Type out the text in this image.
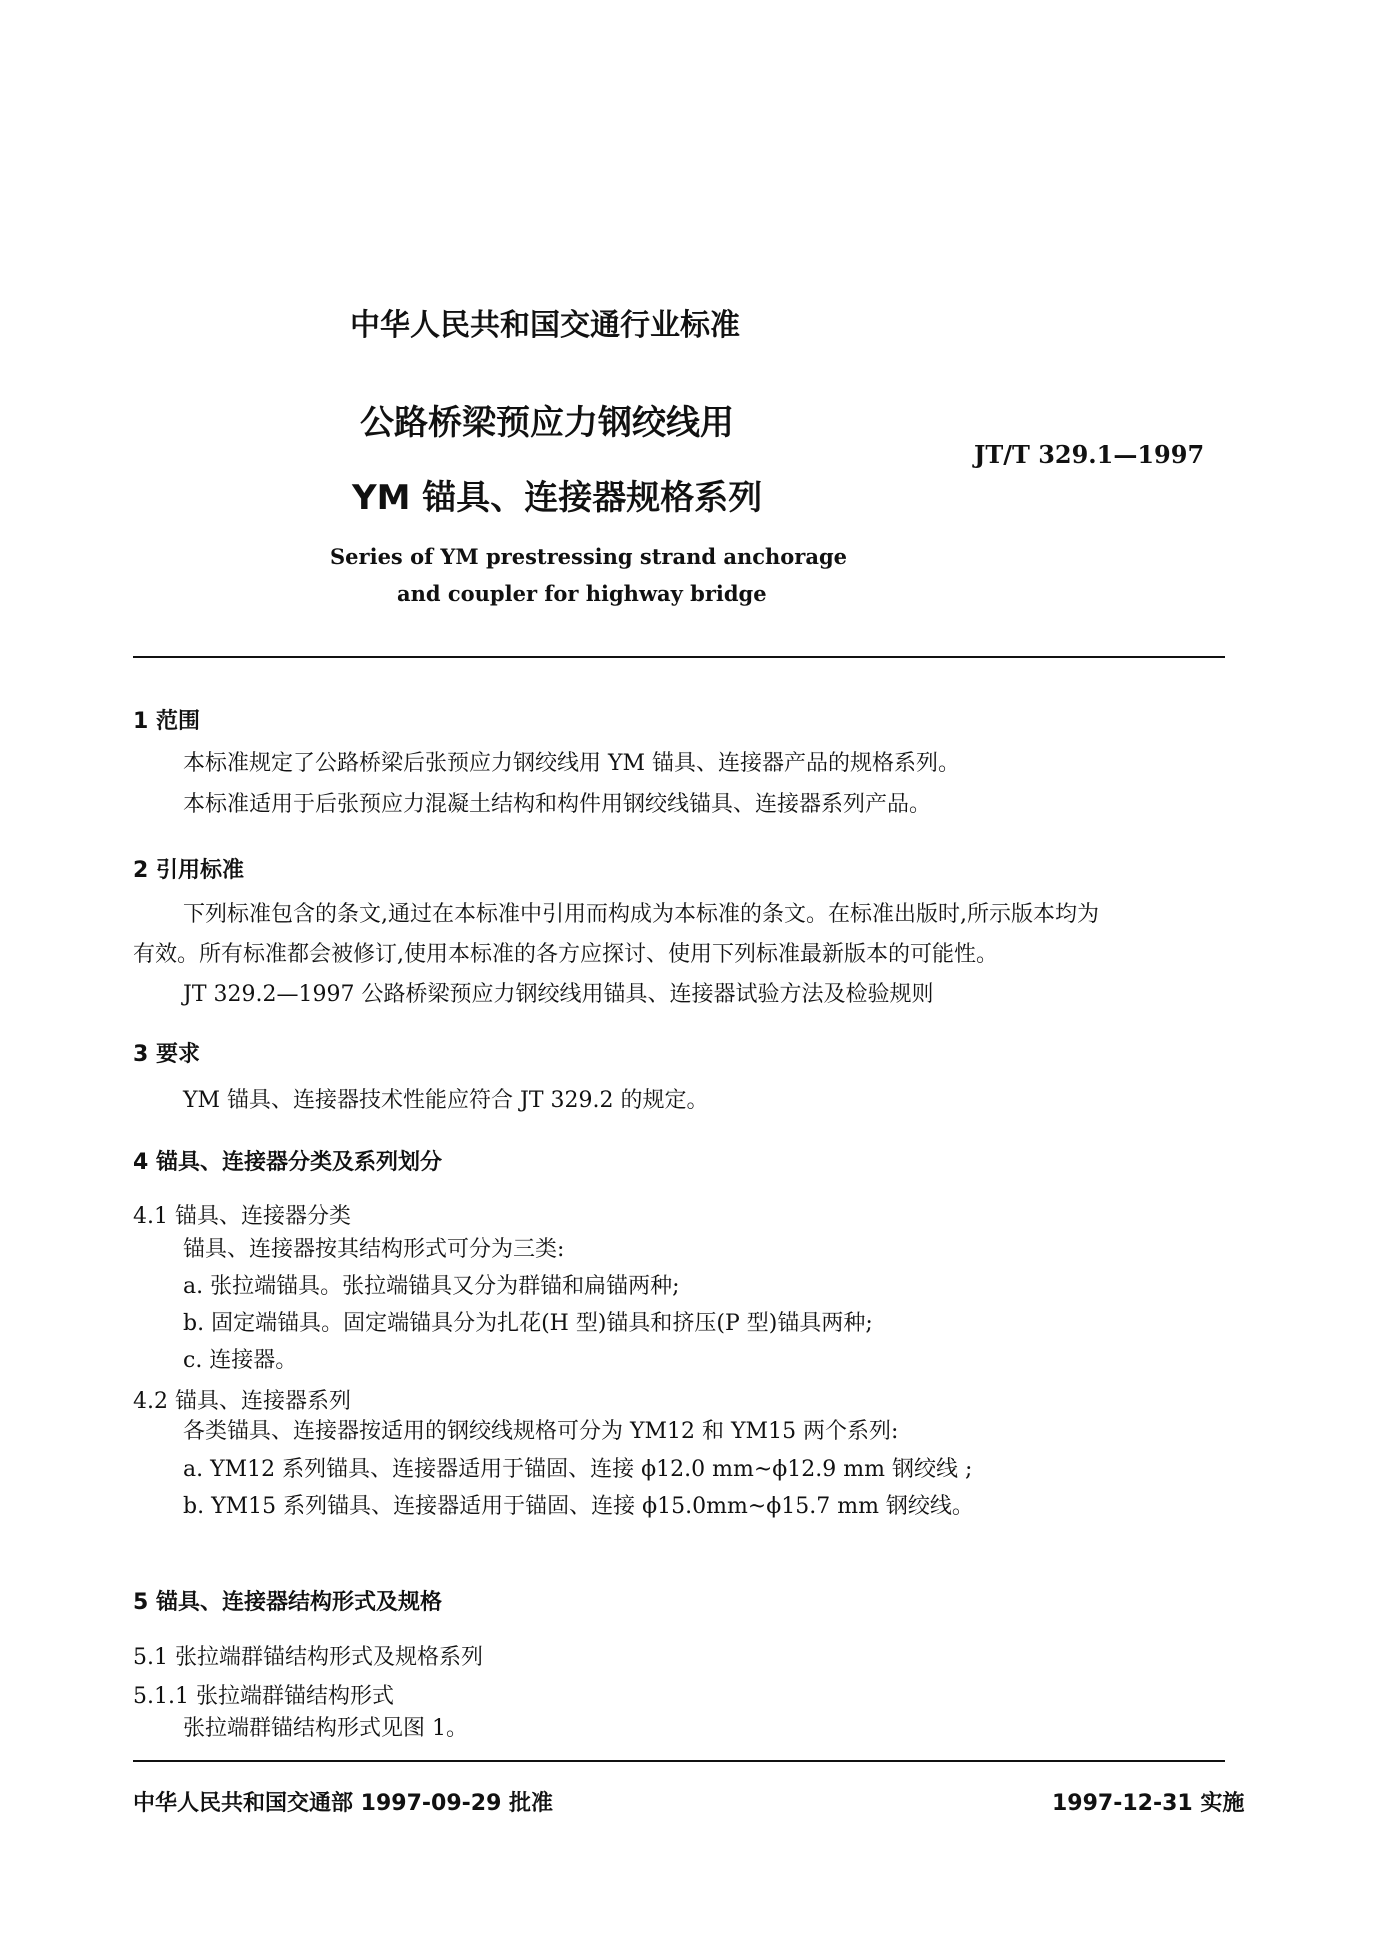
中华人民共和国交通行业标准
公路桥梁预应力钢绞线用
YM 锚具、连接器规格系列
JT/T 329.1—1997
Series of YM prestressing strand anchorage
and coupler for highway bridge
1 范围
本标准规定了公路桥梁后张预应力钢绞线用 YM 锚具、连接器产品的规格系列。
本标准适用于后张预应力混凝土结构和构件用钢绞线锚具、连接器系列产品。
2 引用标准
下列标准包含的条文,通过在本标准中引用而构成为本标准的条文。在标准出版时,所示版本均为
有效。所有标准都会被修订,使用本标准的各方应探讨、使用下列标准最新版本的可能性。
JT 329.2—1997 公路桥梁预应力钢绞线用锚具、连接器试验方法及检验规则
3 要求
YM 锚具、连接器技术性能应符合 JT 329.2 的规定。
4 锚具、连接器分类及系列划分
4.1 锚具、连接器分类
锚具、连接器按其结构形式可分为三类:
a. 张拉端锚具。张拉端锚具又分为群锚和扁锚两种;
b. 固定端锚具。固定端锚具分为扎花(H 型)锚具和挤压(P 型)锚具两种;
c. 连接器。
4.2 锚具、连接器系列
各类锚具、连接器按适用的钢绞线规格可分为 YM12 和 YM15 两个系列:
a. YM12 系列锚具、连接器适用于锚固、连接 ϕ12.0 mm~ϕ12.9 mm 钢绞线 ;
b. YM15 系列锚具、连接器适用于锚固、连接 ϕ15.0mm~ϕ15.7 mm 钢绞线。
5 锚具、连接器结构形式及规格
5.1 张拉端群锚结构形式及规格系列
5.1.1 张拉端群锚结构形式
张拉端群锚结构形式见图 1。
中华人民共和国交通部 1997-09-29 批准	1997-12-31 实施
